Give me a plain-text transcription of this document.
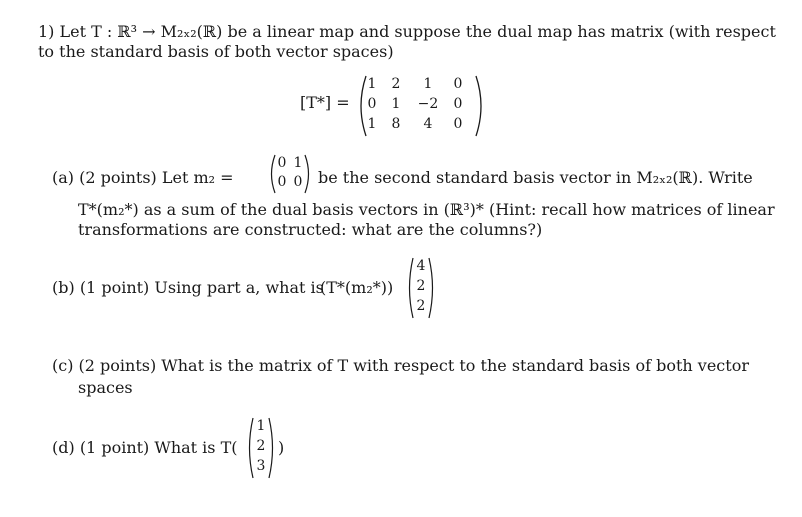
1) Let T : ℝ³ → M₂ₓ₂(ℝ) be a linear map and suppose the dual map has matrix (with respect
to the standard basis of both vector spaces)
[T*] =
1	2	1	0
0	1	−2	0
1	8	4	0
(a) (2 points) Let m₂ =
0 1
0 0 be the second standard basis vector in M₂ₓ₂(ℝ). Write
T*(m₂*) as a sum of the dual basis vectors in (ℝ³)* (Hint: recall how matrices of linear
transformations are constructed: what are the columns?)
(b) (1 point) Using part a, what is
(T*(m₂*))
4
2
2
(c) (2 points) What is the matrix of T with respect to the standard basis of both vector
spaces
(d) (1 point) What is T(
1
2
3
)
